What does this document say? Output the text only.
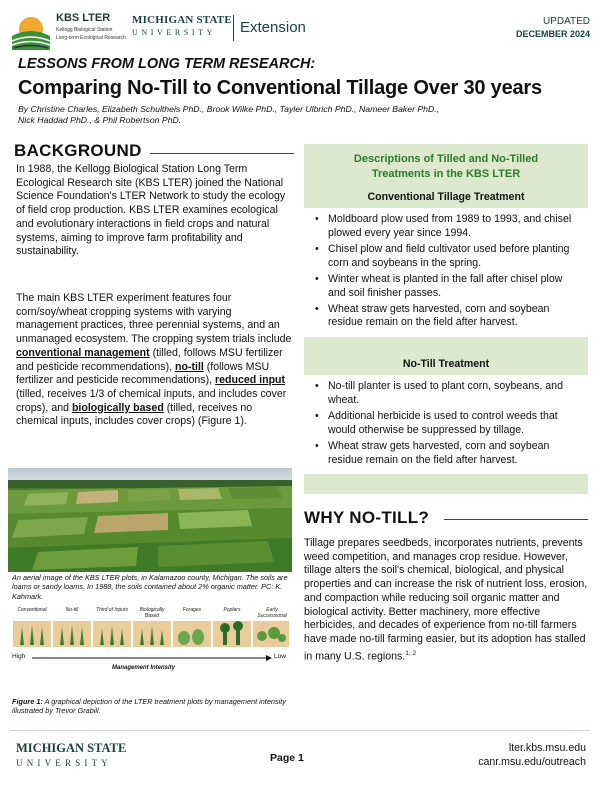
KBS LTER
Kellogg Biological Station
Long-term Ecological Research
MICHIGAN STATE
UNIVERSITY Extension	UPDATED
DECEMBER 2024
LESSONS FROM LONG TERM RESEARCH:
Comparing No-Till to Conventional Tillage Over 30 years
By Christine Charles, Elizabeth Schultheis PhD., Brook Wilke PhD., Tayler Ulbrich PhD., Nameer Baker PhD.,
Nick Haddad PhD., & Phil Robertson PhD.
BACKGROUND
In 1988, the Kellogg Biological Station Long Term Ecological Research site (KBS LTER) joined the National Science Foundation's LTER Network to study the ecology of field crop production. KBS LTER examines ecological and evolutionary interactions in field crops and natural systems, aiming to improve farm profitability and sustainability.
The main KBS LTER experiment features four corn/soy/wheat cropping systems with varying management practices, three perennial systems, and an unmanaged ecosystem. The cropping system trials include conventional management (tilled, follows MSU fertilizer and pesticide recommendations), no-till (follows MSU fertilizer and pesticide recommendations), reduced input (tilled, receives 1/3 of chemical inputs, and includes cover crops), and biologically based (tilled, receives no chemical inputs, includes cover crops) (Figure 1).
An aerial image of the KBS LTER plots, in Kalamazoo county, Michigan. The soils are loams or sandy loams. In 1988, the soils contained about 2% organic matter. PC: K. Kahmark.
Conventional	No-till	Third of Inputs	Biologically Based
Forages	Poplars	Early Successional
High	Low
Management Intensity
Figure 1: A graphical depiction of the LTER treatment plots by management intensity illustrated by Trevor Grabill.
Descriptions of Tilled and No-Tilled
Treatments in the KBS LTER
Conventional Tillage Treatment
• Moldboard plow used from 1989 to 1993, and chisel plowed every year since 1994.
• Chisel plow and field cultivator used before planting corn and soybeans in the spring.
• Winter wheat is planted in the fall after chisel plow and soil finisher passes.
• Wheat straw gets harvested, corn and soybean residue remain on the field after harvest.
No-Till Treatment
• No-till planter is used to plant corn, soybeans, and wheat.
• Additional herbicide is used to control weeds that would otherwise be suppressed by tillage.
• Wheat straw gets harvested, corn and soybean residue remain on the field after harvest.
WHY NO-TILL?
Tillage prepares seedbeds, incorporates nutrients, prevents weed competition, and manages crop residue. However, tillage alters the soil's chemical, biological, and physical properties and can increase the risk of nutrient loss, erosion, and compaction while reducing soil organic matter and biological activity. Better machinery, more effective herbicides, and decades of experience from no-till farmers have made no-till farming easier, but its adoption has stalled in many U.S. regions.$^{1, 2}$
MICHIGAN STATE
UNIVERSITY	Page 1
lter.kbs.msu.edu
canr.msu.edu/outreach
